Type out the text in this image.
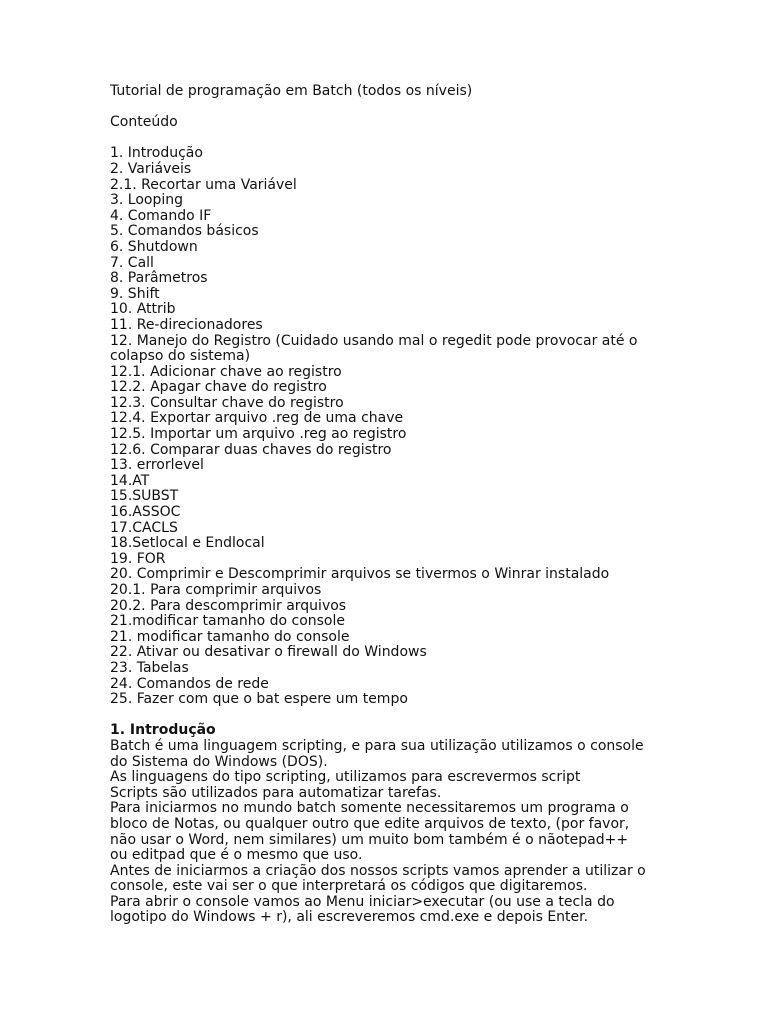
Tutorial de programação em Batch (todos os níveis)
Conteúdo
1. Introdução
2. Variáveis
2.1. Recortar uma Variável
3. Looping
4. Comando IF
5. Comandos básicos
6. Shutdown
7. Call
8. Parâmetros
9. Shift
10. Attrib
11. Re-direcionadores
12. Manejo do Registro (Cuidado usando mal o regedit pode provocar até o
colapso do sistema)
12.1. Adicionar chave ao registro
12.2. Apagar chave do registro
12.3. Consultar chave do registro
12.4. Exportar arquivo .reg de uma chave
12.5. Importar um arquivo .reg ao registro
12.6. Comparar duas chaves do registro
13. errorlevel
14.AT
15.SUBST
16.ASSOC
17.CACLS
18.Setlocal e Endlocal
19. FOR
20. Comprimir e Descomprimir arquivos se tivermos o Winrar instalado
20.1. Para comprimir arquivos
20.2. Para descomprimir arquivos
21.modificar tamanho do console
21. modificar tamanho do console
22. Ativar ou desativar o firewall do Windows
23. Tabelas
24. Comandos de rede
25. Fazer com que o bat espere um tempo
1. Introdução
Batch é uma linguagem scripting, e para sua utilização utilizamos o console
do Sistema do Windows (DOS).
As linguagens do tipo scripting, utilizamos para escrevermos script
Scripts são utilizados para automatizar tarefas.
Para iniciarmos no mundo batch somente necessitaremos um programa o
bloco de Notas, ou qualquer outro que edite arquivos de texto, (por favor,
não usar o Word, nem similares) um muito bom também é o nãotepad++
ou editpad que é o mesmo que uso.
Antes de iniciarmos a criação dos nossos scripts vamos aprender a utilizar o
console, este vai ser o que interpretará os códigos que digitaremos.
Para abrir o console vamos ao Menu iniciar>executar (ou use a tecla do
logotipo do Windows + r), ali escreveremos cmd.exe e depois Enter.
